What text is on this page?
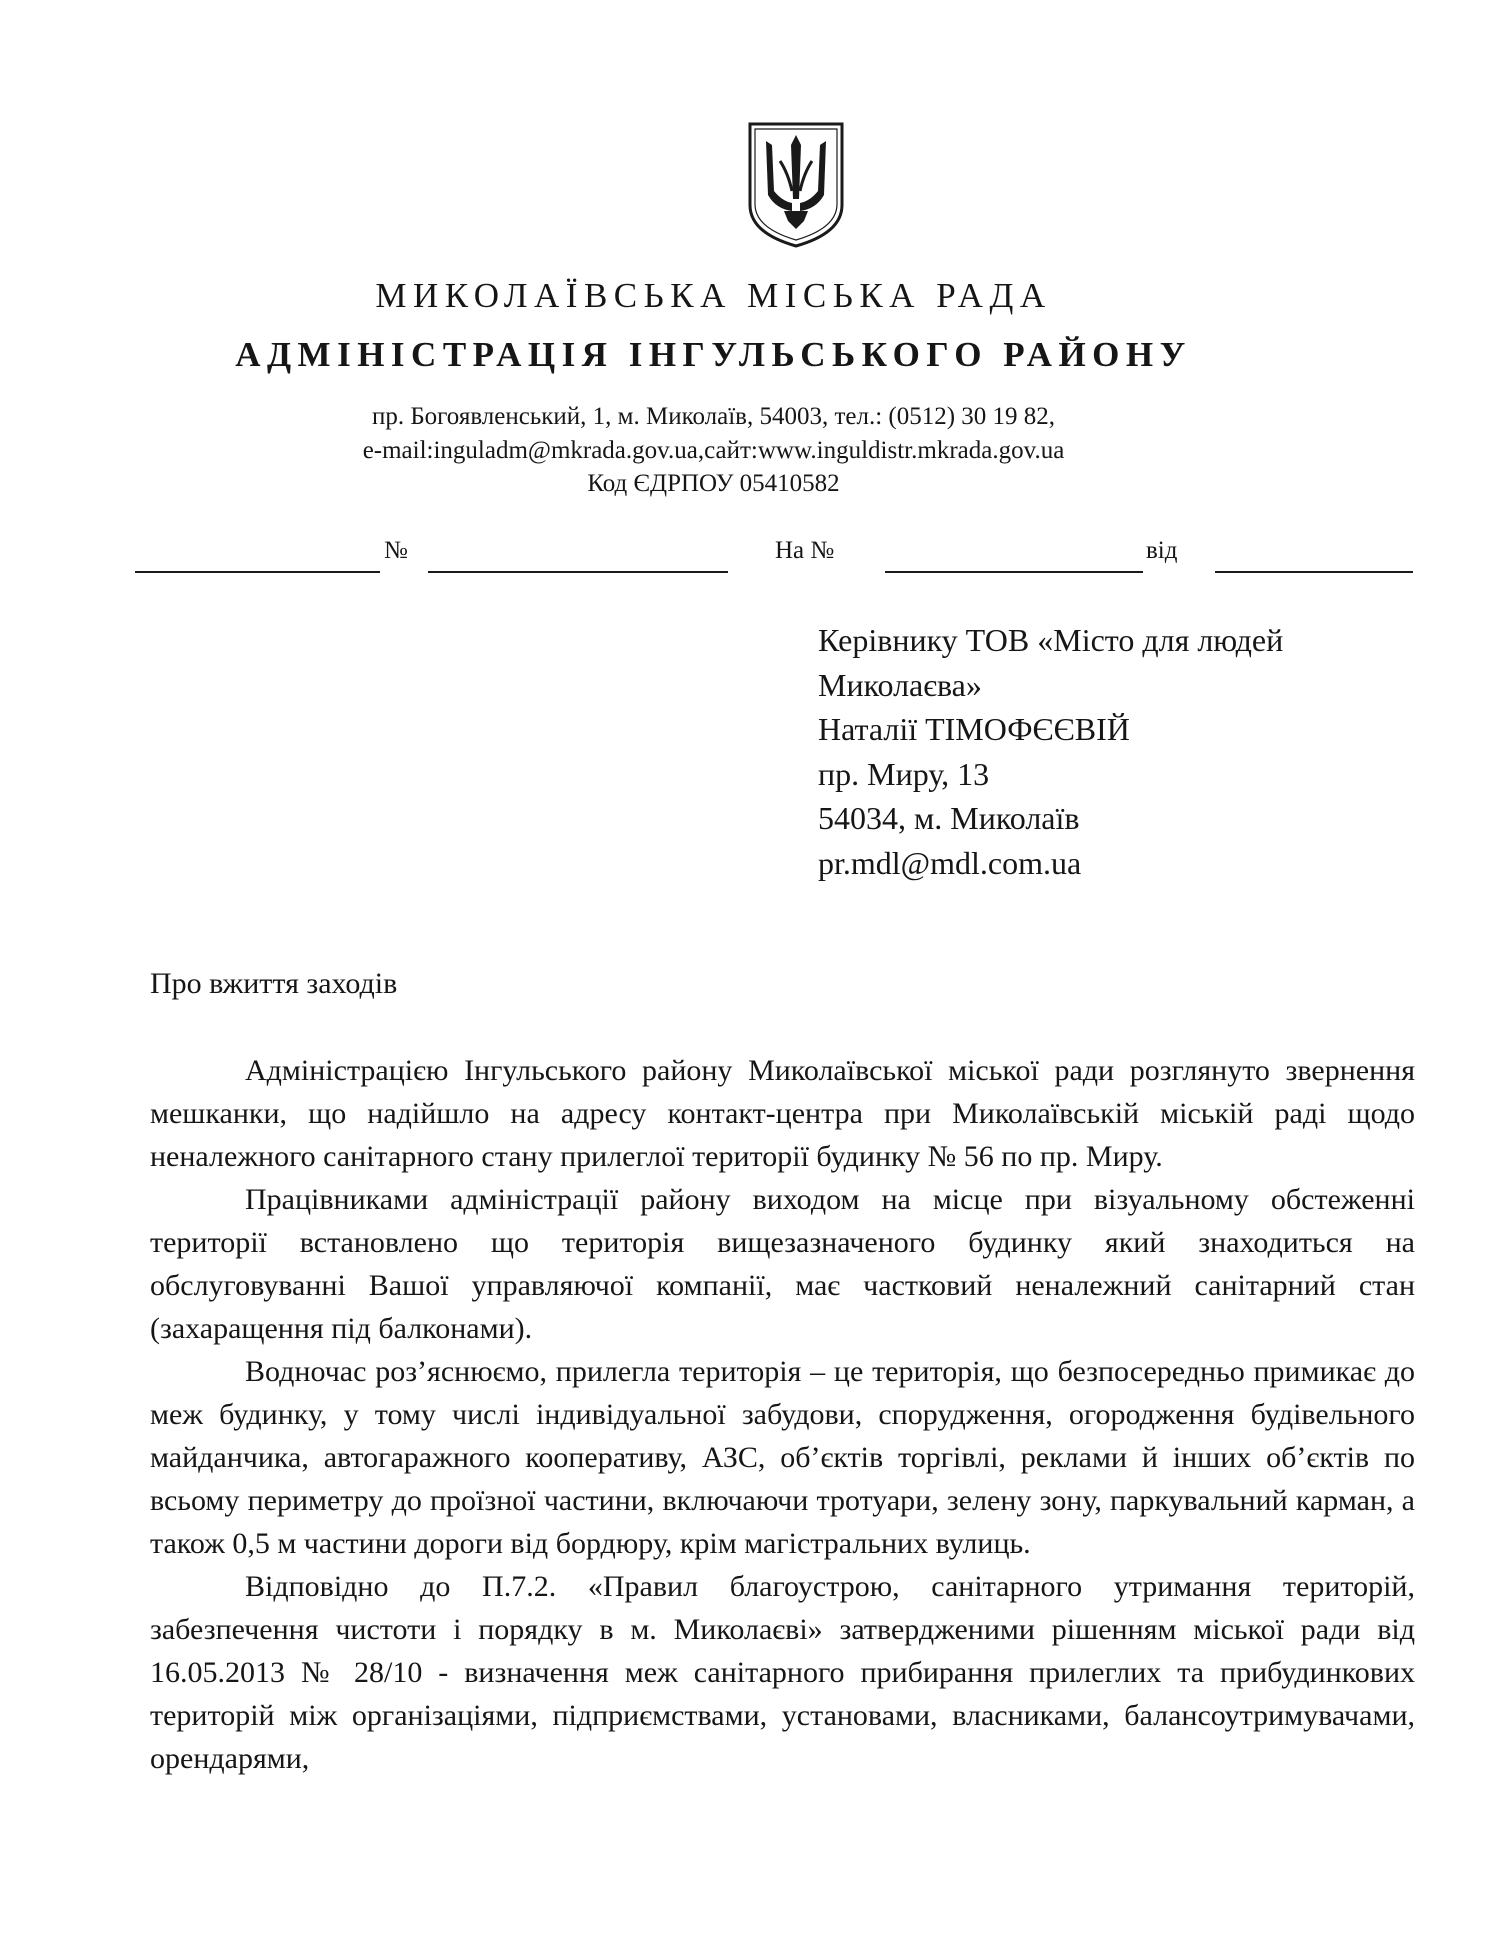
МИКОЛАЇВСЬКА МІСЬКА РАДА
АДМІНІСТРАЦІЯ ІНГУЛЬСЬКОГО РАЙОНУ
пр. Богоявленський, 1, м. Миколаїв, 54003, тел.: (0512) 30 19 82,
e-mail:inguladm@mkrada.gov.ua,сайт:www.inguldistr.mkrada.gov.ua
Код ЄДРПОУ 05410582
№	На №	від
Керівнику ТОВ «Місто для людей
Миколаєва»
Наталії ТІМОФЄЄВІЙ
пр. Миру, 13
54034, м. Миколаїв
pr.mdl@mdl.com.ua
Про вжиття заходів

Адміністрацією Інгульського району Миколаївської міської ради розглянуто звернення мешканки, що надійшло на адресу контакт-центра при Миколаївській міській раді щодо неналежного санітарного стану прилеглої території будинку № 56 по пр. Миру.

Працівниками адміністрації району виходом на місце при візуальному обстеженні території встановлено що територія вищезазначеного будинку який знаходиться на обслуговуванні Вашої управляючої компанії, має частковий неналежний санітарний стан (захаращення під балконами).

Водночас роз’яснюємо, прилегла територія – це територія, що безпосередньо примикає до меж будинку, у тому числі індивідуальної забудови, спорудження, огородження будівельного майданчика, автогаражного кооперативу, АЗС, об’єктів торгівлі, реклами й інших об’єктів по всьому периметру до проїзної частини, включаючи тротуари, зелену зону, паркувальний карман, а також 0,5 м частини дороги від бордюру, крім магістральних вулиць.

Відповідно до П.7.2. «Правил благоустрою, санітарного утримання територій, забезпечення чистоти і порядку в м. Миколаєві» затвердженими рішенням міської ради від 16.05.2013 № 28/10 - визначення меж санітарного прибирання прилеглих та прибудинкових територій між організаціями, підприємствами, установами, власниками, балансоутримувачами, орендарями,
